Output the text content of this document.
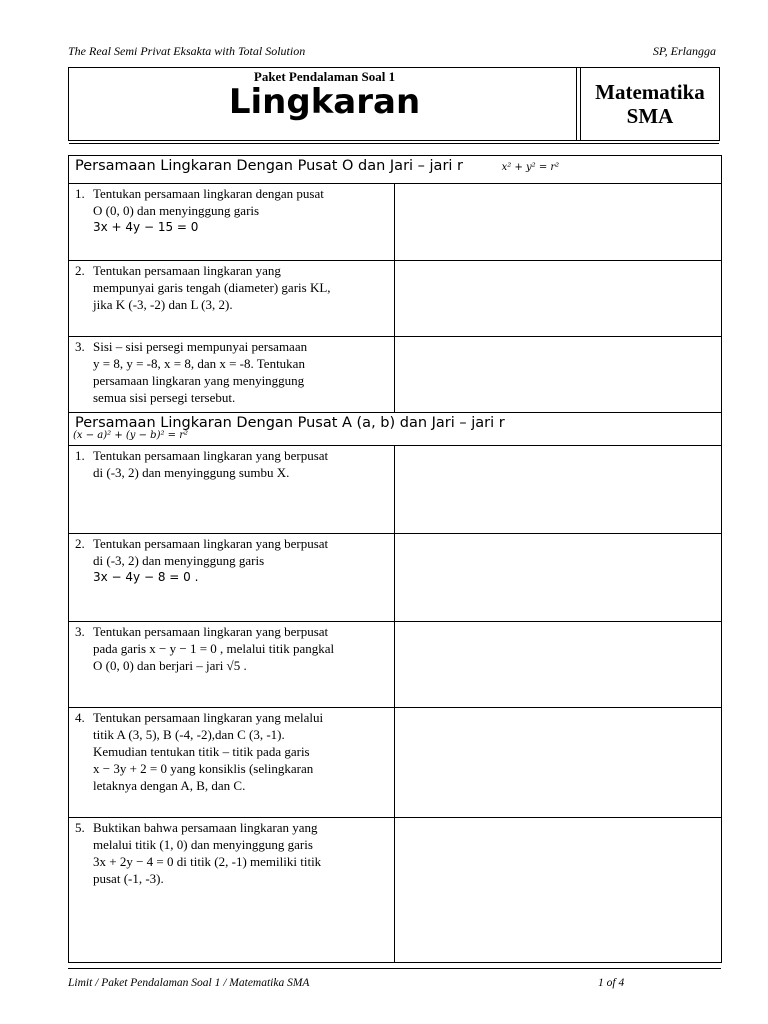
The Real Semi Privat Eksakta with Total Solution	SP, Erlangga
Paket Pendalaman Soal 1
Lingkaran	Matematika
SMA
Persamaan Lingkaran Dengan Pusat O dan Jari – jari r x² + y² = r²	
1. Tentukan persamaan lingkaran dengan pusat
O (0, 0) dan menyinggung garis
3x + 4y − 15 = 0	

2. Tentukan persamaan lingkaran yang
mempunyai garis tengah (diameter) garis KL,
jika K (-3, -2) dan L (3, 2).	

3. Sisi – sisi persegi mempunyai persamaan
y = 8, y = -8, x = 8, dan x = -8. Tentukan
persamaan lingkaran yang menyinggung
semua sisi persegi tersebut.	

Persamaan Lingkaran Dengan Pusat A (a, b) dan Jari – jari r
(x − a)² + (y − b)² = r²	

1. Tentukan persamaan lingkaran yang berpusat
di (-3, 2) dan menyinggung sumbu X.	

2. Tentukan persamaan lingkaran yang berpusat
di (-3, 2) dan menyinggung garis
3x − 4y − 8 = 0 .	

3. Tentukan persamaan lingkaran yang berpusat
pada garis x − y − 1 = 0 , melalui titik pangkal
O (0, 0) dan berjari – jari √5 .	

4. Tentukan persamaan lingkaran yang melalui
titik A (3, 5), B (-4, -2),dan C (3, -1).
Kemudian tentukan titik – titik pada garis
x − 3y + 2 = 0 yang konsiklis (selingkaran
letaknya dengan A, B, dan C.	

5. Buktikan bahwa persamaan lingkaran yang
melalui titik (1, 0) dan menyinggung garis
3x + 2y − 4 = 0 di titik (2, -1) memiliki titik
pusat (-1, -3).	

Limit / Paket Pendalaman Soal 1 / Matematika SMA	1 of 4
